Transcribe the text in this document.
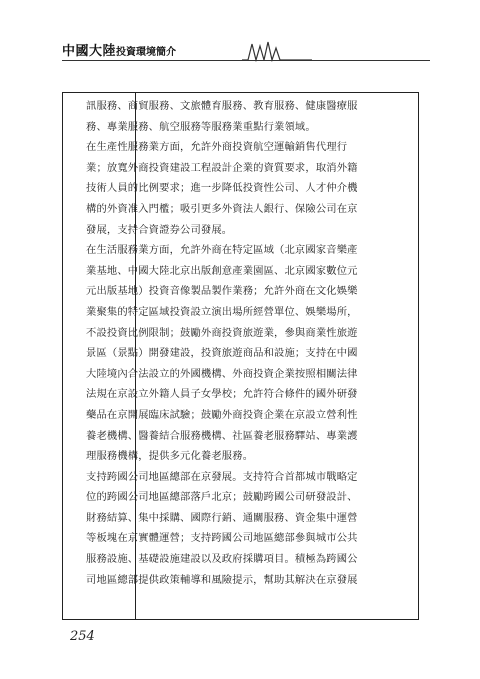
中國大陸投資環境簡介
訊服務、商貿服務、文旅體育服務、教育服務、健康醫療服
務、專業服務、航空服務等服務業重點行業領域。
在生產性服務業方面，允許外商投資航空運輸銷售代理行
業；放寬外商投資建設工程設計企業的資質要求，取消外籍
技術人員的比例要求；進一步降低投資性公司、人才仲介機
構的外資准入門檻；吸引更多外資法人銀行、保險公司在京
發展，支持合資證券公司發展。
在生活服務業方面，允許外商在特定區域（北京國家音樂產
業基地、中國大陸北京出版創意產業園區、北京國家數位元
元出版基地）投資音像製品製作業務；允許外商在文化娛樂
業聚集的特定區域投資設立演出場所經營單位、娛樂場所，
不設投資比例限制；鼓勵外商投資旅遊業，參與商業性旅遊
景區（景點）開發建設，投資旅遊商品和設施；支持在中國
大陸境內合法設立的外國機構、外商投資企業按照相關法律
法規在京設立外籍人員子女學校；允許符合條件的國外研發
藥品在京開展臨床試驗；鼓勵外商投資企業在京設立營利性
養老機構、醫養結合服務機構、社區養老服務驛站、專業護
理服務機構，提供多元化養老服務。
支持跨國公司地區總部在京發展。支持符合首都城市戰略定
位的跨國公司地區總部落戶北京；鼓勵跨國公司研發設計、
財務結算、集中採購、國際行銷、通關服務、資金集中運營
等板塊在京實體運營；支持跨國公司地區總部參與城市公共
服務設施、基礎設施建設以及政府採購項目。積極為跨國公
司地區總部提供政策輔導和風險提示，幫助其解決在京發展
254
